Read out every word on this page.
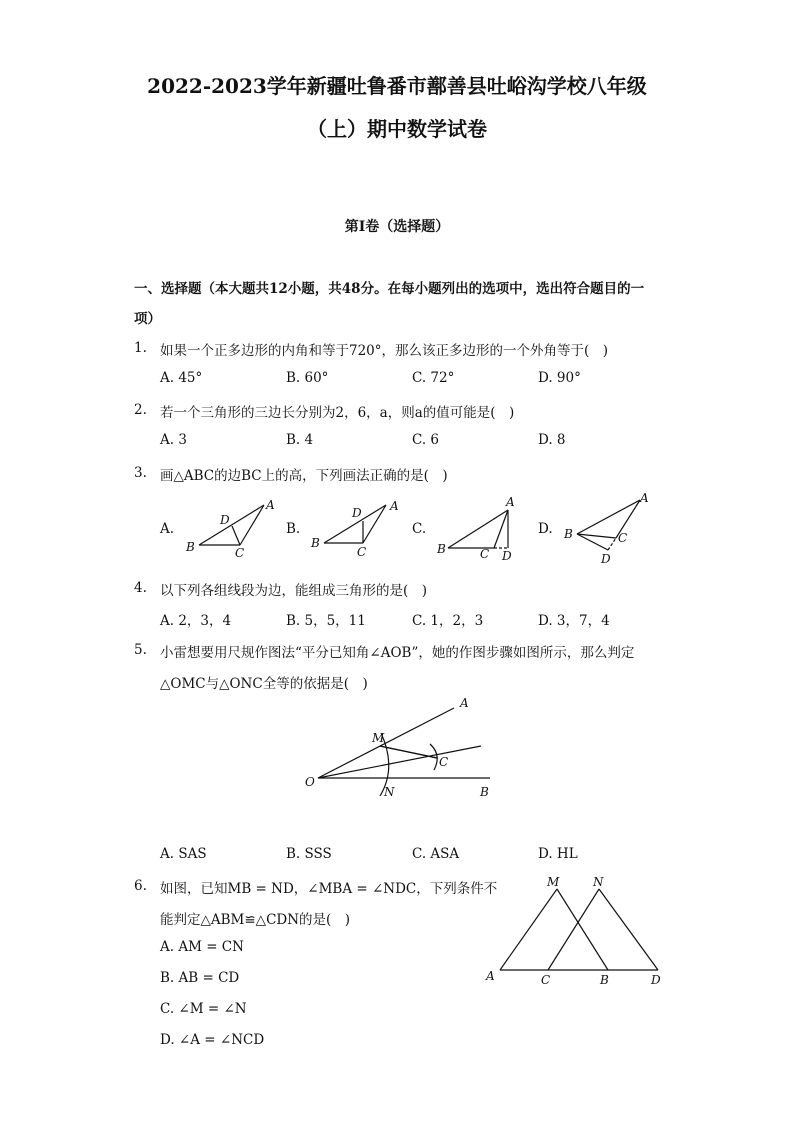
2022-2023学年新疆吐鲁番市鄯善县吐峪沟学校八年级
（上）期中数学试卷
第I卷（选择题）
一、选择题（本大题共12小题，共48分。在每小题列出的选项中，选出符合题目的一
项）
1. 如果一个正多边形的内角和等于720°，那么该正多边形的一个外角等于(　)
A. 45°	B. 60°	C. 72°	D. 90°
2. 若一个三角形的三边长分别为2，6，a，则a的值可能是(　)
A. 3	B. 4	C. 6	D. 8
3. 画△ABC的边BC上的高，下列画法正确的是(　)
A.	B.	C.	D.
A
B	C
D
A
B
C
D
A
B	C D
A
B	C
D
4. 以下列各组线段为边，能组成三角形的是(　)
A. 2，3，4	B. 5，5，11	C. 1，2，3	D. 3，7，4
5. 小雷想要用尺规作图法“平分已知角∠AOB”，她的作图步骤如图所示，那么判定
△OMC与△ONC全等的依据是(　)
A
M
C
O
N	B
A. SAS	B. SSS	C. ASA	D. HL
6. 如图，已知MB = ND，∠MBA = ∠NDC，下列条件不
能判定△ABM≌△CDN的是(　)
A. AM = CN
B. AB = CD
C. ∠M = ∠N
D. ∠A = ∠NCD
M	N
A	C	B	D
